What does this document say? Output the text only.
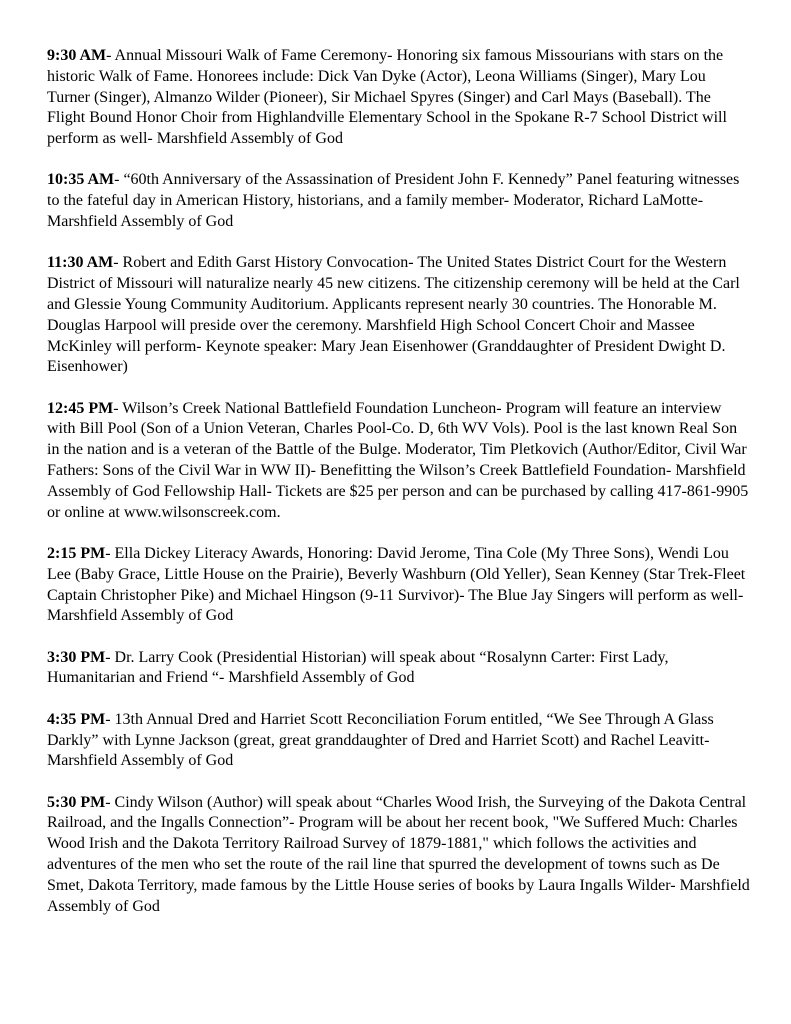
9:30 AM- Annual Missouri Walk of Fame Ceremony- Honoring six famous Missourians with stars on the historic Walk of Fame. Honorees include: Dick Van Dyke (Actor), Leona Williams (Singer), Mary Lou Turner (Singer), Almanzo Wilder (Pioneer), Sir Michael Spyres (Singer) and Carl Mays (Baseball). The Flight Bound Honor Choir from Highlandville Elementary School in the Spokane R-7 School District will perform as well- Marshfield Assembly of God

10:35 AM- “60th Anniversary of the Assassination of President John F. Kennedy” Panel featuring witnesses to the fateful day in American History, historians, and a family member- Moderator, Richard LaMotte- Marshfield Assembly of God

11:30 AM- Robert and Edith Garst History Convocation- The United States District Court for the Western District of Missouri will naturalize nearly 45 new citizens. The citizenship ceremony will be held at the Carl and Glessie Young Community Auditorium. Applicants represent nearly 30 countries. The Honorable M. Douglas Harpool will preside over the ceremony. Marshfield High School Concert Choir and Massee McKinley will perform- Keynote speaker: Mary Jean Eisenhower (Granddaughter of President Dwight D. Eisenhower)

12:45 PM- Wilson’s Creek National Battlefield Foundation Luncheon- Program will feature an interview with Bill Pool (Son of a Union Veteran, Charles Pool-Co. D, 6th WV Vols). Pool is the last known Real Son in the nation and is a veteran of the Battle of the Bulge. Moderator, Tim Pletkovich (Author/Editor, Civil War Fathers: Sons of the Civil War in WW II)- Benefitting the Wilson’s Creek Battlefield Foundation- Marshfield Assembly of God Fellowship Hall- Tickets are $25 per person and can be purchased by calling 417-861-9905 or online at www.wilsonscreek.com.

2:15 PM- Ella Dickey Literacy Awards, Honoring: David Jerome, Tina Cole (My Three Sons), Wendi Lou Lee (Baby Grace, Little House on the Prairie), Beverly Washburn (Old Yeller), Sean Kenney (Star Trek-Fleet Captain Christopher Pike) and Michael Hingson (9-11 Survivor)- The Blue Jay Singers will perform as well- Marshfield Assembly of God

3:30 PM- Dr. Larry Cook (Presidential Historian) will speak about “Rosalynn Carter: First Lady, Humanitarian and Friend “- Marshfield Assembly of God

4:35 PM- 13th Annual Dred and Harriet Scott Reconciliation Forum entitled, “We See Through A Glass Darkly” with Lynne Jackson (great, great granddaughter of Dred and Harriet Scott) and Rachel Leavitt- Marshfield Assembly of God

5:30 PM- Cindy Wilson (Author) will speak about “Charles Wood Irish, the Surveying of the Dakota Central Railroad, and the Ingalls Connection”- Program will be about her recent book, "We Suffered Much: Charles Wood Irish and the Dakota Territory Railroad Survey of 1879-1881," which follows the activities and adventures of the men who set the route of the rail line that spurred the development of towns such as De Smet, Dakota Territory, made famous by the Little House series of books by Laura Ingalls Wilder- Marshfield Assembly of God
